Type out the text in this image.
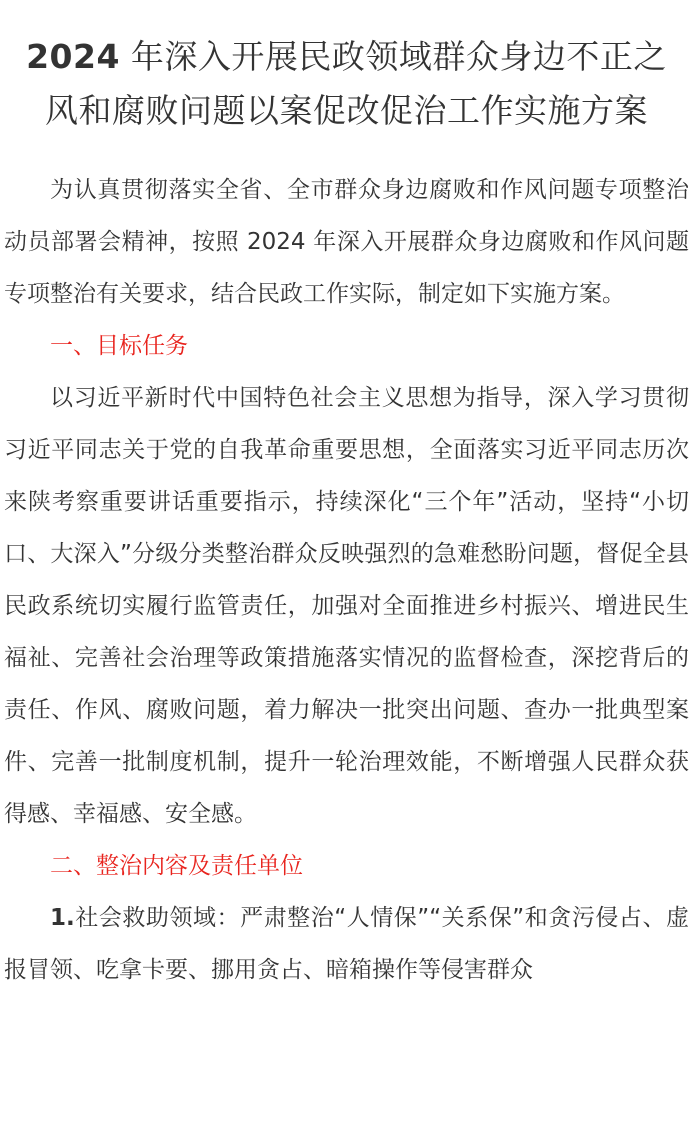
2024 年深入开展民政领域群众身边不正之
风和腐败问题以案促改促治工作实施方案

为认真贯彻落实全省、全市群众身边腐败和作风问题专项整治动员部署会精神，按照 2024 年深入开展群众身边腐败和作风问题专项整治有关要求，结合民政工作实际，制定如下实施方案。

一、目标任务

以习近平新时代中国特色社会主义思想为指导，深入学习贯彻习近平同志关于党的自我革命重要思想，全面落实习近平同志历次来陕考察重要讲话重要指示，持续深化“三个年”活动，坚持“小切口、大深入”分级分类整治群众反映强烈的急难愁盼问题，督促全县民政系统切实履行监管责任，加强对全面推进乡村振兴、增进民生福祉、完善社会治理等政策措施落实情况的监督检查，深挖背后的责任、作风、腐败问题，着力解决一批突出问题、查办一批典型案件、完善一批制度机制，提升一轮治理效能，不断增强人民群众获得感、幸福感、安全感。

二、整治内容及责任单位

1.社会救助领域：严肃整治“人情保”“关系保”和贪污侵占、虚报冒领、吃拿卡要、挪用贪占、暗箱操作等侵害群众
